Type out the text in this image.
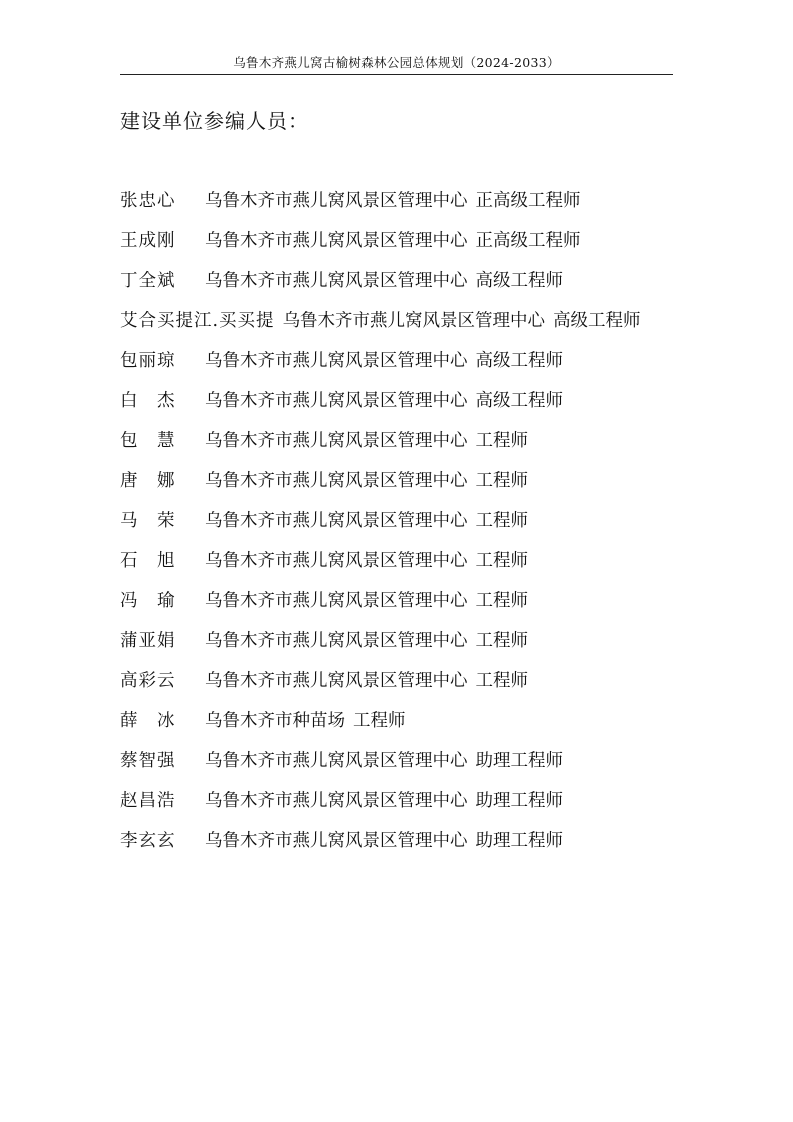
乌鲁木齐燕儿窝古榆树森林公园总体规划（2024-2033）
建设单位参编人员：
张忠心 乌鲁木齐市燕儿窝风景区管理中心 正高级工程师
王成刚 乌鲁木齐市燕儿窝风景区管理中心 正高级工程师
丁全斌 乌鲁木齐市燕儿窝风景区管理中心 高级工程师
艾合买提江.买买提 乌鲁木齐市燕儿窝风景区管理中心 高级工程师
包丽琼 乌鲁木齐市燕儿窝风景区管理中心 高级工程师
白　杰 乌鲁木齐市燕儿窝风景区管理中心 高级工程师
包　慧 乌鲁木齐市燕儿窝风景区管理中心 工程师
唐　娜 乌鲁木齐市燕儿窝风景区管理中心 工程师
马　荣 乌鲁木齐市燕儿窝风景区管理中心 工程师
石　旭 乌鲁木齐市燕儿窝风景区管理中心 工程师
冯　瑜 乌鲁木齐市燕儿窝风景区管理中心 工程师
蒲亚娟 乌鲁木齐市燕儿窝风景区管理中心 工程师
高彩云 乌鲁木齐市燕儿窝风景区管理中心 工程师
薛　冰 乌鲁木齐市种苗场 工程师
蔡智强 乌鲁木齐市燕儿窝风景区管理中心 助理工程师
赵昌浩 乌鲁木齐市燕儿窝风景区管理中心 助理工程师
李玄玄 乌鲁木齐市燕儿窝风景区管理中心 助理工程师
